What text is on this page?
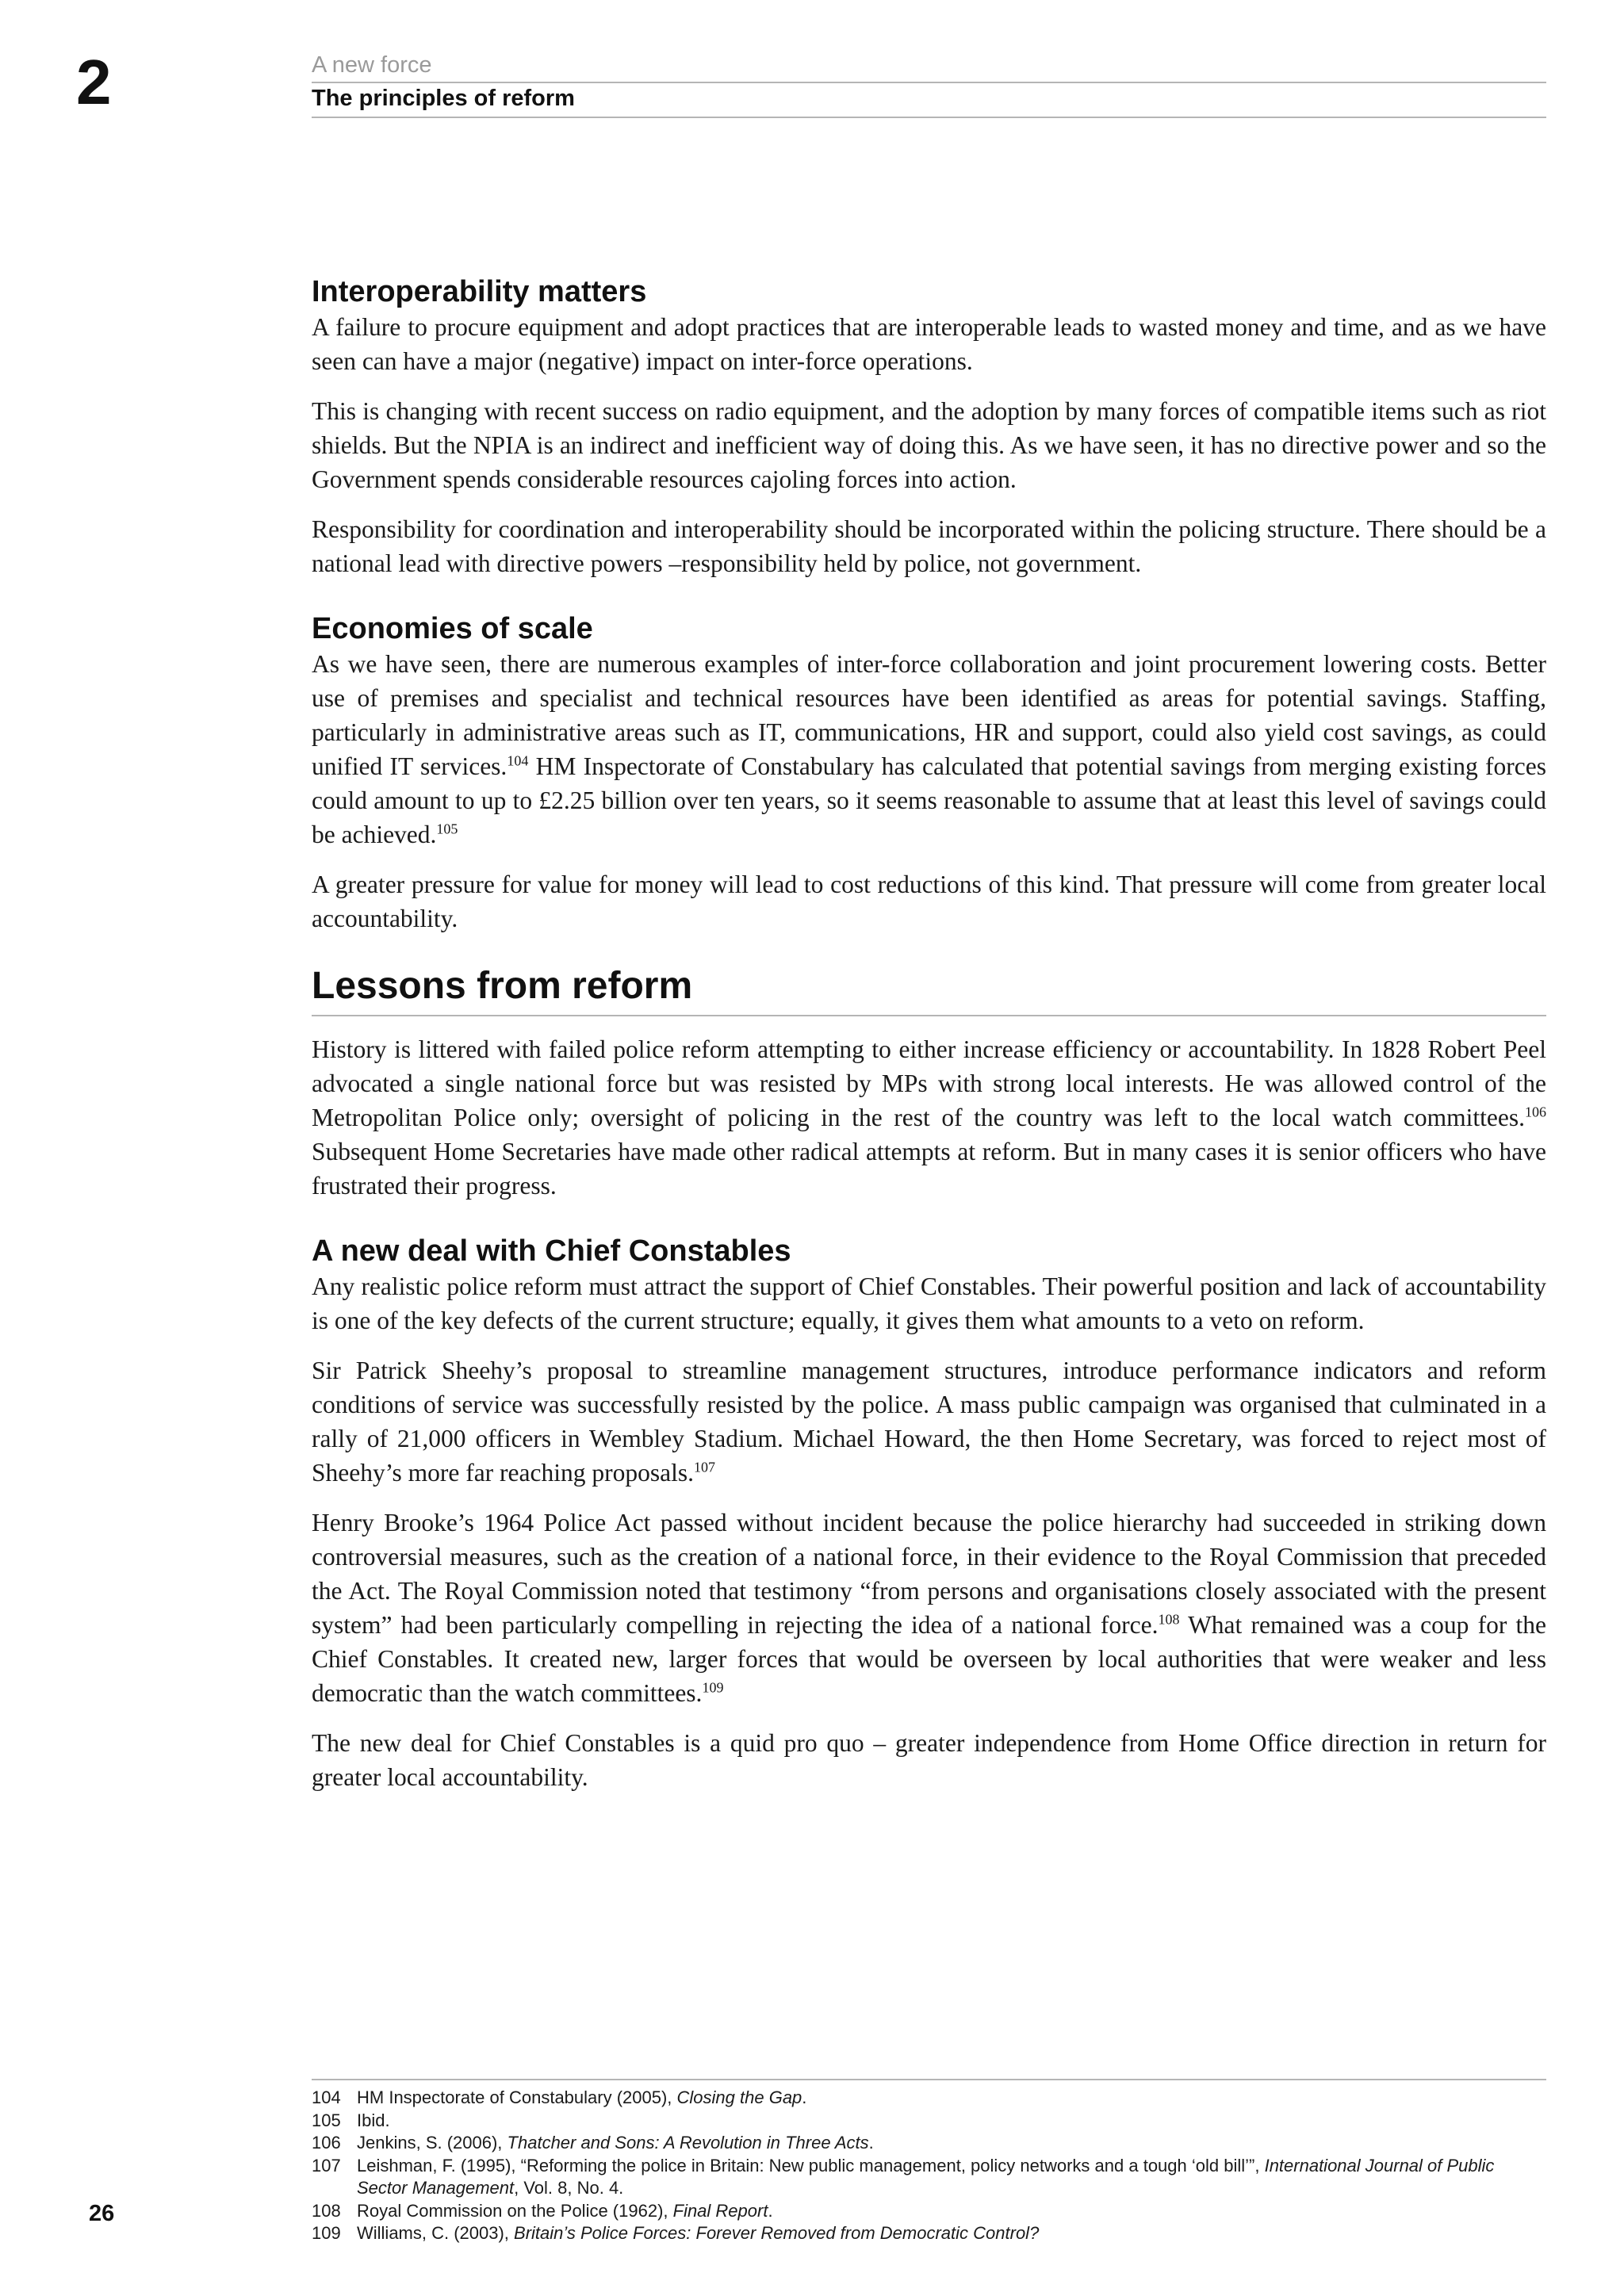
2	A new force
The principles of reform
Interoperability matters

A failure to procure equipment and adopt practices that are interoperable leads to wasted money and time, and as we have seen can have a major (negative) impact on inter-force operations.

This is changing with recent success on radio equipment, and the adoption by many forces of compatible items such as riot shields. But the NPIA is an indirect and inefficient way of doing this. As we have seen, it has no directive power and so the Government spends considerable resources cajoling forces into action.

Responsibility for coordination and interoperability should be incorporated within the policing structure. There should be a national lead with directive powers –responsibility held by police, not government.

Economies of scale

As we have seen, there are numerous examples of inter-force collaboration and joint procurement lowering costs. Better use of premises and specialist and technical resources have been identified as areas for potential savings. Staffing, particularly in administrative areas such as IT, communications, HR and support, could also yield cost savings, as could unified IT services.$^{104}$ HM Inspectorate of Constabulary has calculated that potential savings from merging existing forces could amount to up to £2.25 billion over ten years, so it seems reasonable to assume that at least this level of savings could be achieved.$^{105}$

A greater pressure for value for money will lead to cost reductions of this kind. That pressure will come from greater local accountability.

Lessons from reform

History is littered with failed police reform attempting to either increase efficiency or accountability. In 1828 Robert Peel advocated a single national force but was resisted by MPs with strong local interests. He was allowed control of the Metropolitan Police only; oversight of policing in the rest of the country was left to the local watch committees.$^{106}$ Subsequent Home Secretaries have made other radical attempts at reform. But in many cases it is senior officers who have frustrated their progress.

A new deal with Chief Constables

Any realistic police reform must attract the support of Chief Constables. Their powerful position and lack of accountability is one of the key defects of the current structure; equally, it gives them what amounts to a veto on reform.

Sir Patrick Sheehy’s proposal to streamline management structures, introduce performance indicators and reform conditions of service was successfully resisted by the police. A mass public campaign was organised that culminated in a rally of 21,000 officers in Wembley Stadium. Michael Howard, the then Home Secretary, was forced to reject most of Sheehy’s more far reaching proposals.$^{107}$

Henry Brooke’s 1964 Police Act passed without incident because the police hierarchy had succeeded in striking down controversial measures, such as the creation of a national force, in their evidence to the Royal Commission that preceded the Act. The Royal Commission noted that testimony “from persons and organisations closely associated with the present system” had been particularly compelling in rejecting the idea of a national force.$^{108}$ What remained was a coup for the Chief Constables. It created new, larger forces that would be overseen by local authorities that were weaker and less democratic than the watch committees.$^{109}$

The new deal for Chief Constables is a quid pro quo – greater independence from Home Office direction in return for greater local accountability.

104 HM Inspectorate of Constabulary (2005), Closing the Gap.
105 Ibid.
106 Jenkins, S. (2006), Thatcher and Sons: A Revolution in Three Acts.
107 Leishman, F. (1995), “Reforming the police in Britain: New public management, policy networks and a tough ‘old bill’”, International Journal of Public Sector Management, Vol. 8, No. 4.
108 Royal Commission on the Police (1962), Final Report.
109 Williams, C. (2003), Britain’s Police Forces: Forever Removed from Democratic Control?
26
